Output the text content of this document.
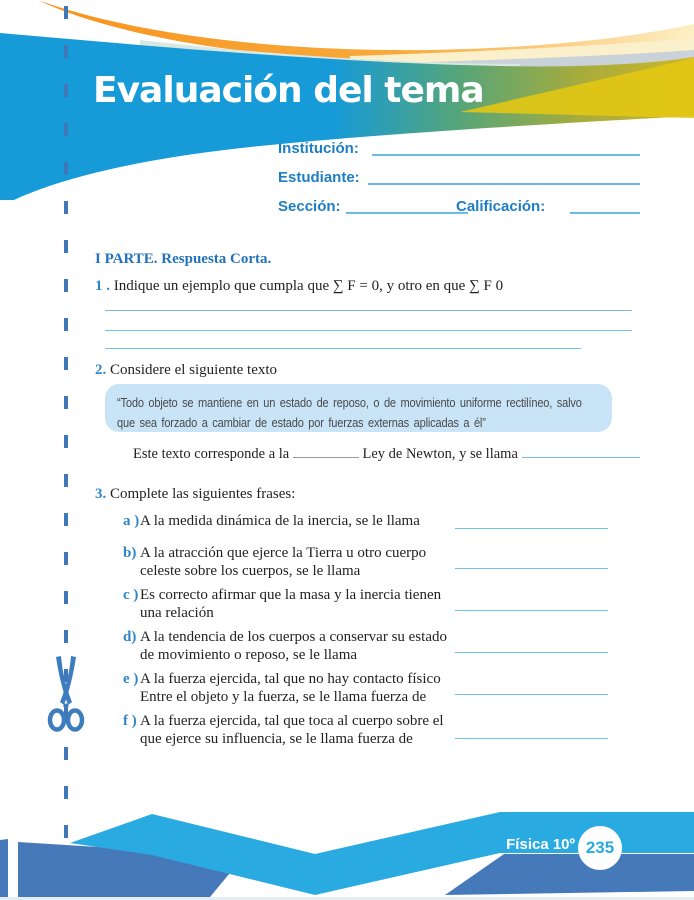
Evaluación del tema
Institución:
Estudiante:
Sección:	Calificación:
I PARTE. Respuesta Corta.
1 . Indique un ejemplo que cumpla que ∑ F = 0, y otro en que ∑ F 0
2. Considere el siguiente texto
“Todo objeto se mantiene en un estado de reposo, o de movimiento uniforme rectilíneo, salvo
que sea forzado a cambiar de estado por fuerzas externas aplicadas a él”
Este texto corresponde a la	Ley de Newton, y se llama
3. Complete las siguientes frases:
a ) A la medida dinámica de la inercia, se le llama
b) A la atracción que ejerce la Tierra u otro cuerpo
celeste sobre los cuerpos, se le llama
c ) Es correcto afirmar que la masa y la inercia tienen
una relación
d) A la tendencia de los cuerpos a conservar su estado
de movimiento o reposo, se le llama
e ) A la fuerza ejercida, tal que no hay contacto físico
Entre el objeto y la fuerza, se le llama fuerza de
f ) A la fuerza ejercida, tal que toca al cuerpo sobre el
que ejerce su influencia, se le llama fuerza de
Física 10º 235
